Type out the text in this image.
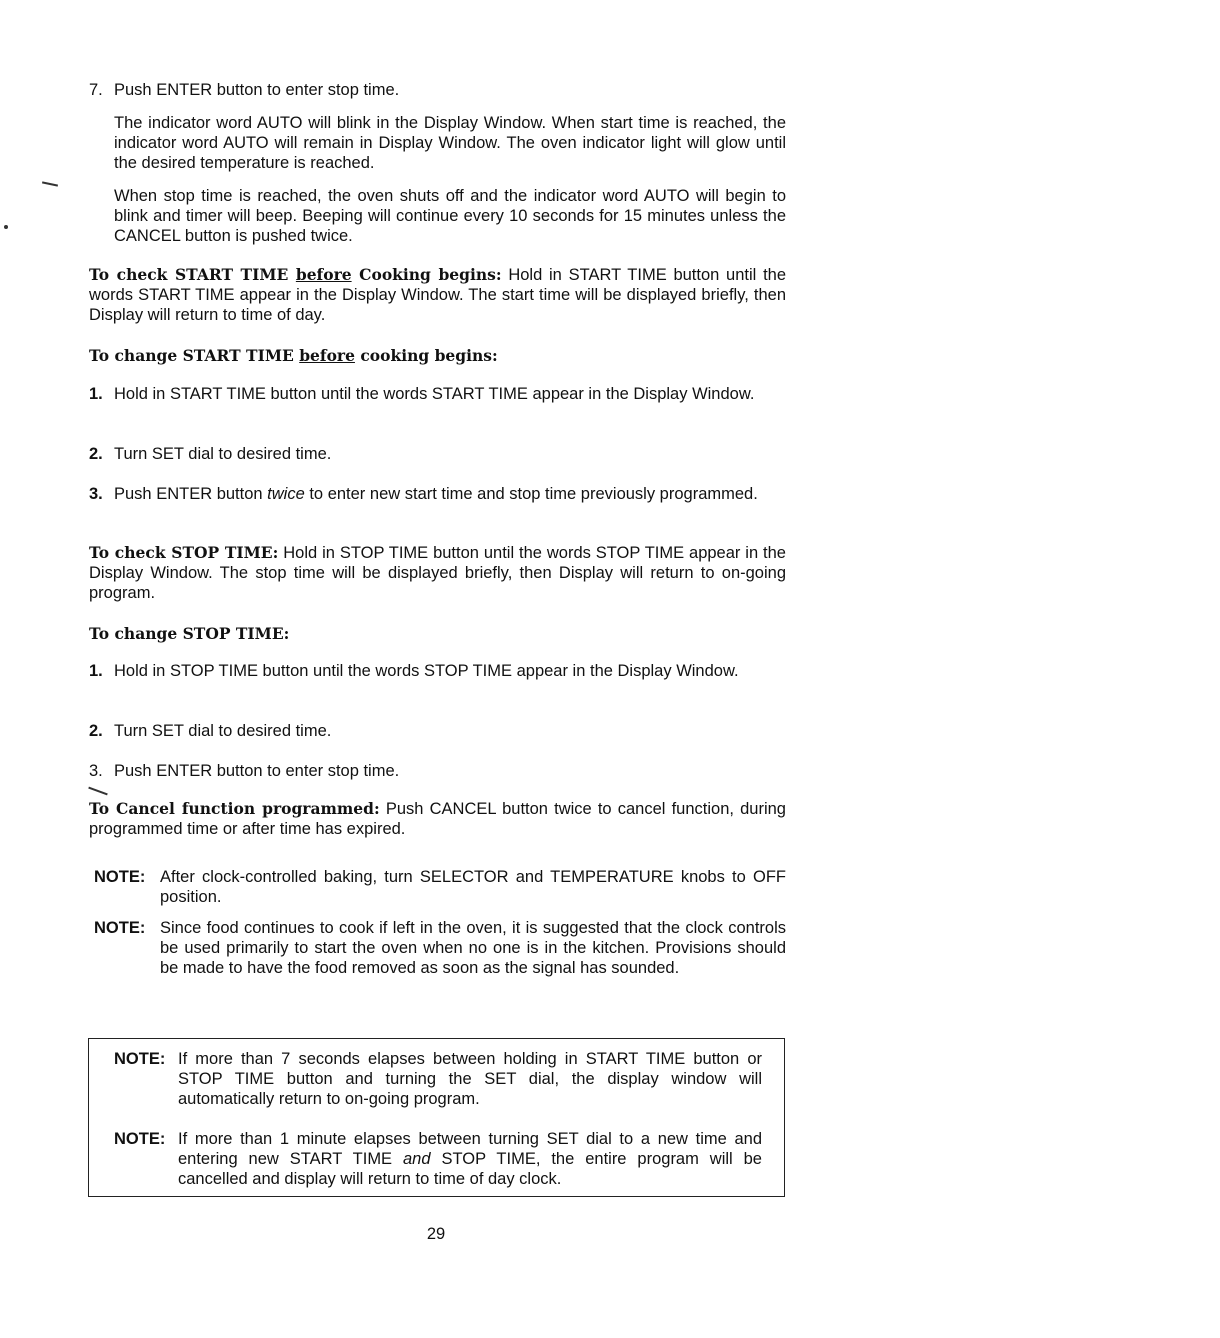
7. Push ENTER button to enter stop time.

The indicator word AUTO will blink in the Display Window. When start time is reached, the indicator word AUTO will remain in Display Window. The oven indicator light will glow until the desired temperature is reached.

When stop time is reached, the oven shuts off and the indicator word AUTO will begin to blink and timer will beep. Beeping will continue every 10 seconds for 15 minutes unless the CANCEL button is pushed twice.

To check START TIME before Cooking begins: Hold in START TIME button until the words START TIME appear in the Display Window. The start time will be displayed briefly, then Display will return to time of day.

To change START TIME before cooking begins:

1. Hold in START TIME button until the words START TIME appear in the Display Window.
2. Turn SET dial to desired time.
3. Push ENTER button twice to enter new start time and stop time previously programmed.

To check STOP TIME: Hold in STOP TIME button until the words STOP TIME appear in the Display Window. The stop time will be displayed briefly, then Display will return to on-going program.

To change STOP TIME:

1. Hold in STOP TIME button until the words STOP TIME appear in the Display Window.
2. Turn SET dial to desired time.
3. Push ENTER button to enter stop time.

To Cancel function programmed: Push CANCEL button twice to cancel function, during programmed time or after time has expired.

NOTE: After clock-controlled baking, turn SELECTOR and TEMPERATURE knobs to OFF position.
NOTE: Since food continues to cook if left in the oven, it is suggested that the clock controls be used primarily to start the oven when no one is in the kitchen. Provisions should be made to have the food removed as soon as the signal has sounded.
NOTE: If more than 7 seconds elapses between holding in START TIME button or STOP TIME button and turning the SET dial, the display window will automatically return to on-going program.
NOTE: If more than 1 minute elapses between turning SET dial to a new time and entering new START TIME and STOP TIME, the entire program will be cancelled and display will return to time of day clock.
29
